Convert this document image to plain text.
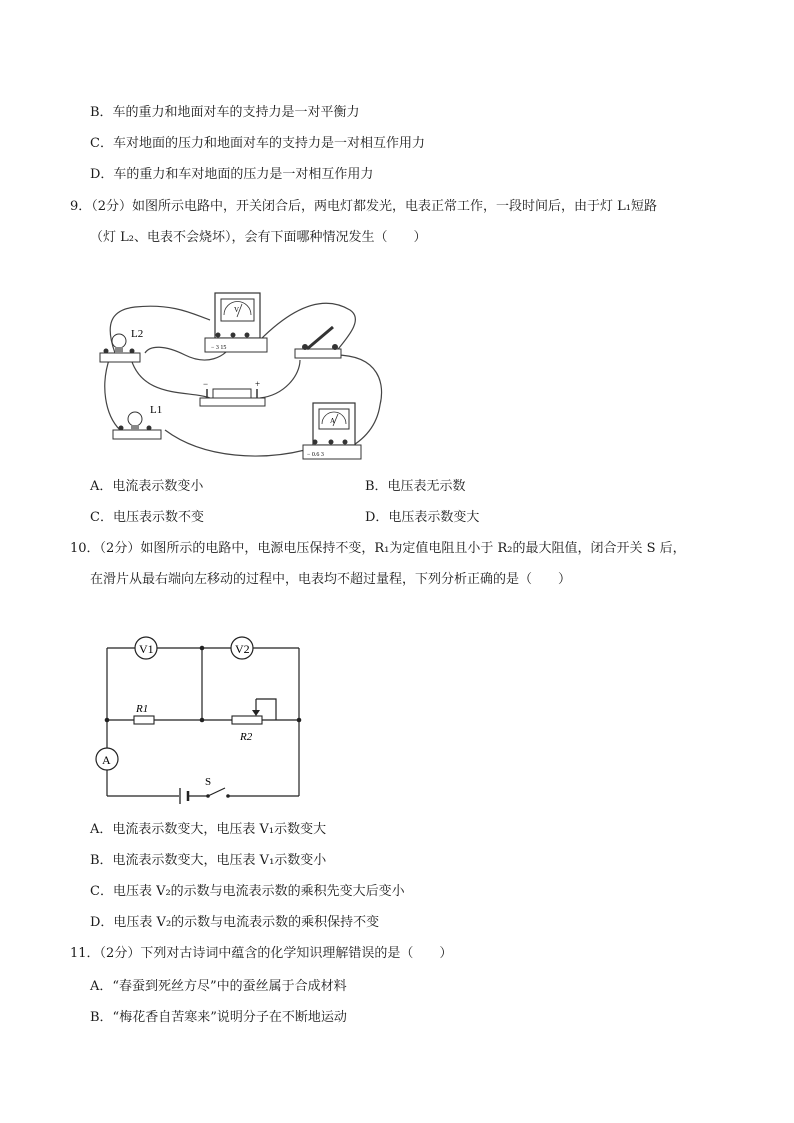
B．车的重力和地面对车的支持力是一对平衡力
C．车对地面的压力和地面对车的支持力是一对相互作用力
D．车的重力和车对地面的压力是一对相互作用力
9．（2分）如图所示电路中，开关闭合后，两电灯都发光，电表正常工作，一段时间后，由于灯 L₁短路
（灯 L₂、电表不会烧坏），会有下面哪种情况发生（　　）
V
− 3 15
L2
−	+
L1
A
− 0.6 3
A．电流表示数变小	B．电压表无示数
C．电压表示数不变	D．电压表示数变大
10．（2分）如图所示的电路中，电源电压保持不变，R₁为定值电阻且小于 R₂的最大阻值，闭合开关 S 后，
在滑片从最右端向左移动的过程中，电表均不超过量程，下列分析正确的是（　　）
V1	V2
R1
R2
A
S
A．电流表示数变大，电压表 V₁示数变大
B．电流表示数变大，电压表 V₁示数变小
C．电压表 V₂的示数与电流表示数的乘积先变大后变小
D．电压表 V₂的示数与电流表示数的乘积保持不变
11．（2分）下列对古诗词中蕴含的化学知识理解错误的是（　　）
A．“春蚕到死丝方尽”中的蚕丝属于合成材料
B．“梅花香自苦寒来”说明分子在不断地运动
